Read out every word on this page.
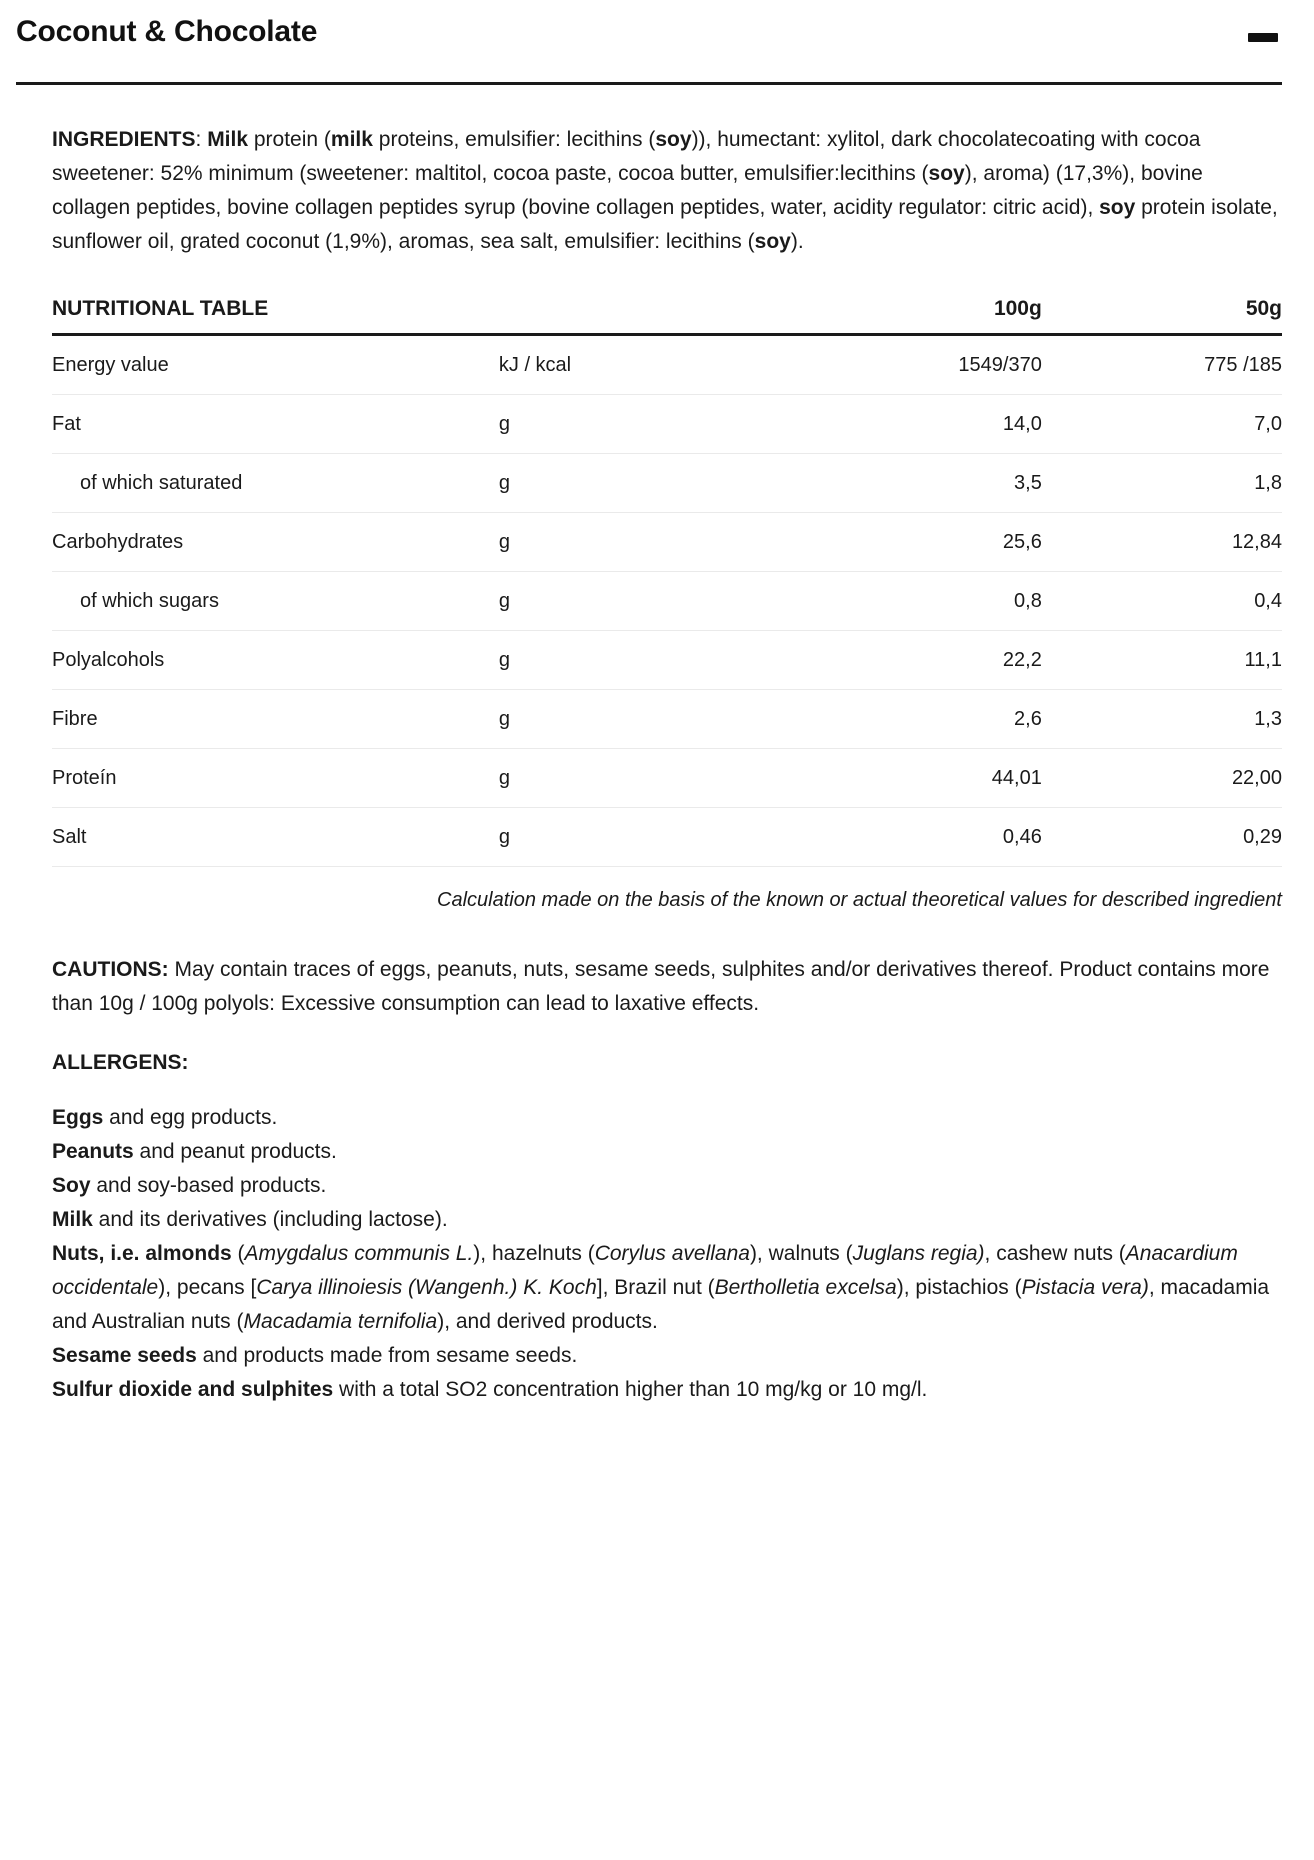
Coconut & Chocolate

INGREDIENTS: Milk protein (milk proteins, emulsifier: lecithins (soy)), humectant: xylitol, dark chocolatecoating with cocoa sweetener: 52% minimum (sweetener: maltitol, cocoa paste, cocoa butter, emulsifier:lecithins (soy), aroma) (17,3%), bovine collagen peptides, bovine collagen peptides syrup (bovine collagen peptides, water, acidity regulator: citric acid), soy protein isolate, sunflower oil, grated coconut (1,9%), aromas, sea salt, emulsifier: lecithins (soy).

NUTRITIONAL TABLE		100g	50g
Energy value	kJ / kcal	1549/370	775 /185
Fat	g	14,0	7,0
of which saturated	g	3,5	1,8
Carbohydrates	g	25,6	12,84
of which sugars	g	0,8	0,4
Polyalcohols	g	22,2	11,1
Fibre	g	2,6	1,3
Proteín	g	44,01	22,00
Salt	g	0,46	0,29

Calculation made on the basis of the known or actual theoretical values for described ingredient

CAUTIONS: May contain traces of eggs, peanuts, nuts, sesame seeds, sulphites and/or derivatives thereof. Product contains more than 10g / 100g polyols: Excessive consumption can lead to laxative effects.

ALLERGENS:
Eggs and egg products.
Peanuts and peanut products.
Soy and soy-based products.
Milk and its derivatives (including lactose).
Nuts, i.e. almonds (Amygdalus communis L.), hazelnuts (Corylus avellana), walnuts (Juglans regia), cashew nuts (Anacardium occidentale), pecans [Carya illinoiesis (Wangenh.) K. Koch], Brazil nut (Bertholletia excelsa), pistachios (Pistacia vera), macadamia and Australian nuts (Macadamia ternifolia), and derived products.
Sesame seeds and products made from sesame seeds.
Sulfur dioxide and sulphites with a total SO2 concentration higher than 10 mg/kg or 10 mg/l.
